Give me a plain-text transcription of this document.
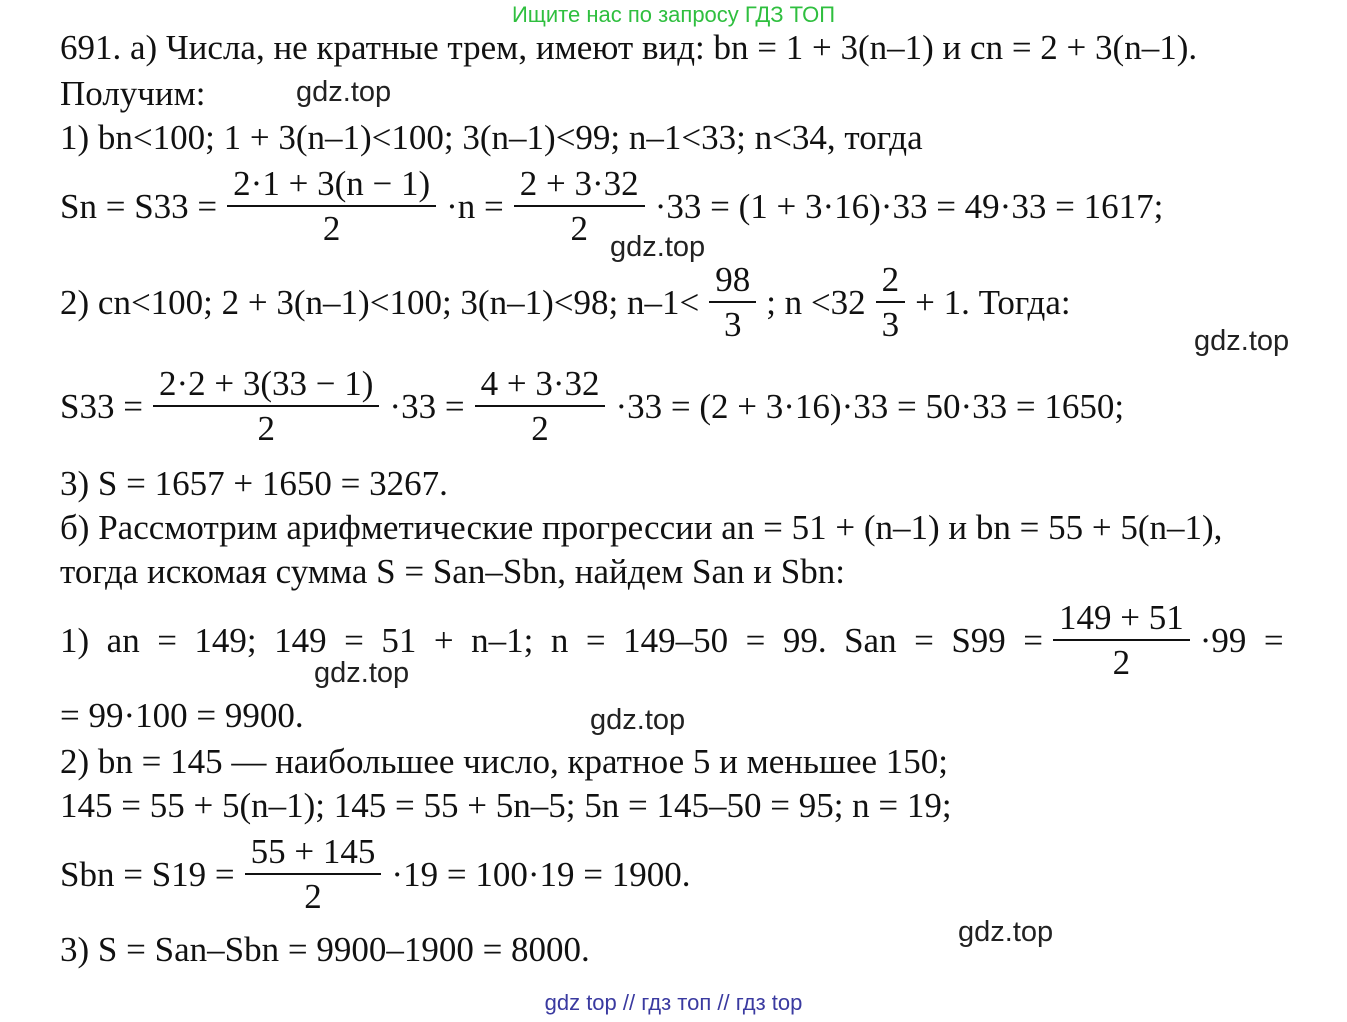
Ищите нас по запросу ГДЗ ТОП
gdz.top
gdz.top
gdz.top
gdz.top
gdz.top
gdz.top
691. а) Числа, не кратные трем, имеют вид: bn = 1 + 3(n–1) и cn = 2 + 3(n–1).
Получим:
1) bn<100; 1 + 3(n–1)<100; 3(n–1)<99; n–1<33; n<34, тогда
$Sn = S33 = \frac{2\cdot 1 + 3(n - 1)}{2} \cdot n = \frac{2 + 3\cdot 32}{2} \cdot 33 = (1 + 3\cdot 16)\cdot 33 = 49\cdot 33 = 1617$;
2) cn<100; 2 + 3(n–1)<100; 3(n–1)<98; $n-1< \frac{98}{3}$ ; $n <32 \frac{2}{3} + 1$. Тогда:
$S33 = \frac{2\cdot 2 + 3(33 - 1)}{2} \cdot 33 = \frac{4 + 3\cdot 32}{2} \cdot 33 = (2 + 3\cdot 16)\cdot 33 = 50\cdot 33 = 1650$;
3) S = 1657 + 1650 = 3267.
б) Рассмотрим арифметические прогрессии an = 51 + (n–1) и bn = 55 + 5(n–1),
тогда искомая сумма S = San–Sbn, найдем San и Sbn:
1)  an  =  149;  149  =  51  +  n–1;  n  =  149–50  =  99.  San  =  $S99 = \frac{149 + 51}{2} \cdot 99$  =
= 99·100 = 9900.
2) bn = 145 — наибольшее число, кратное 5 и меньшее 150;
145 = 55 + 5(n–1); 145 = 55 + 5n–5; 5n = 145–50 = 95; n = 19;
Sbn = $S19 = \frac{55 + 145}{2} \cdot 19 = 100\cdot 19 = 1900$.
3) S = San–Sbn = 9900–1900 = 8000.
gdz top // гдз топ // гдз top
